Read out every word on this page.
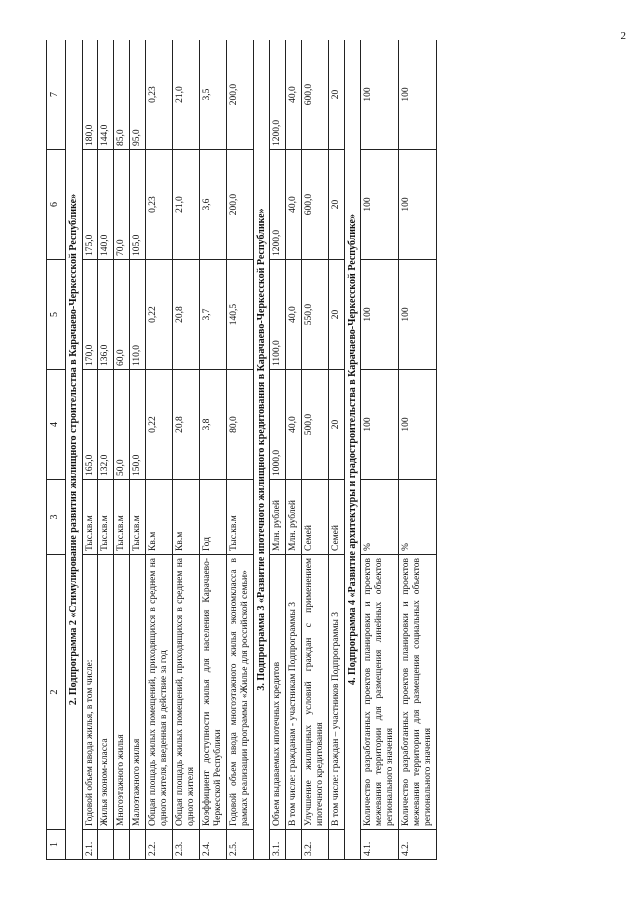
2
1	2	3	4	5	6	7
2. Подпрограмма 2 «Стимулирование развития жилищного строительства в Карачаево-Черкесской Республике»						
2.1.	Годовой объем ввода жилья, в том числе:	Тыс.кв.м	165,0	170,0	175,0	180,0
	Жилья эконом-класса	Тыс.кв.м	132,0	136,0	140,0	144,0
	Многоэтажного жилья	Тыс.кв.м	50,0	60,0	70,0	85,0
	Малоэтажного жилья	Тыс.кв.м	150,0	110,0	105,0	95,0
2.2.	Общая площадь жилых помещений, приходящихся в среднем на одного жителя, введенная в действие за год	Кв.м	0,22	0,22	0,23	0,23
2.3.	Общая площадь жилых помещений, приходящихся в среднем на одного жителя	Кв.м	20,8	20,8	21,0	21,0
2.4.	Коэффициент доступности жилья для населения Карачаево-Черкесской Республики	Год	3,8	3,7	3,6	3,5
2.5.	Годовой объем ввода многоэтажного жилья экономкласса в рамках реализации программы «Жилье для российской семьи»	Тыс.кв.м	80,0	140,5	200,0	200,0
3. Подпрограмма 3 «Развитие ипотечного жилищного кредитования в Карачаево-Черкесской Республике»						
3.1.	Объем выдаваемых ипотечных кредитов	Млн. рублей	1000,0	1100,0	1200,0	1200,0
	В том числе: гражданам - участникам Подпрограммы 3	Млн. рублей	40,0	40,0	40,0	40,0
3.2.	Улучшение жилищных условий граждан с применением ипотечного кредитования	Семей	500,0	550,0	600,0	600,0
	В том числе: граждан – участников Подпрограммы 3	Семей	20	20	20	20
4. Подпрограмма 4 «Развитие архитектуры и градостроительства в Карачаево-Черкесской Республике»						
4.1.	Количество разработанных проектов планировки и проектов межевания территории для размещения линейных объектов регионального значения	%	100	100	100	100
4.2.	Количество разработанных проектов планировки и проектов межевания территории для размещения социальных объектов регионального значения	%	100	100	100	100
